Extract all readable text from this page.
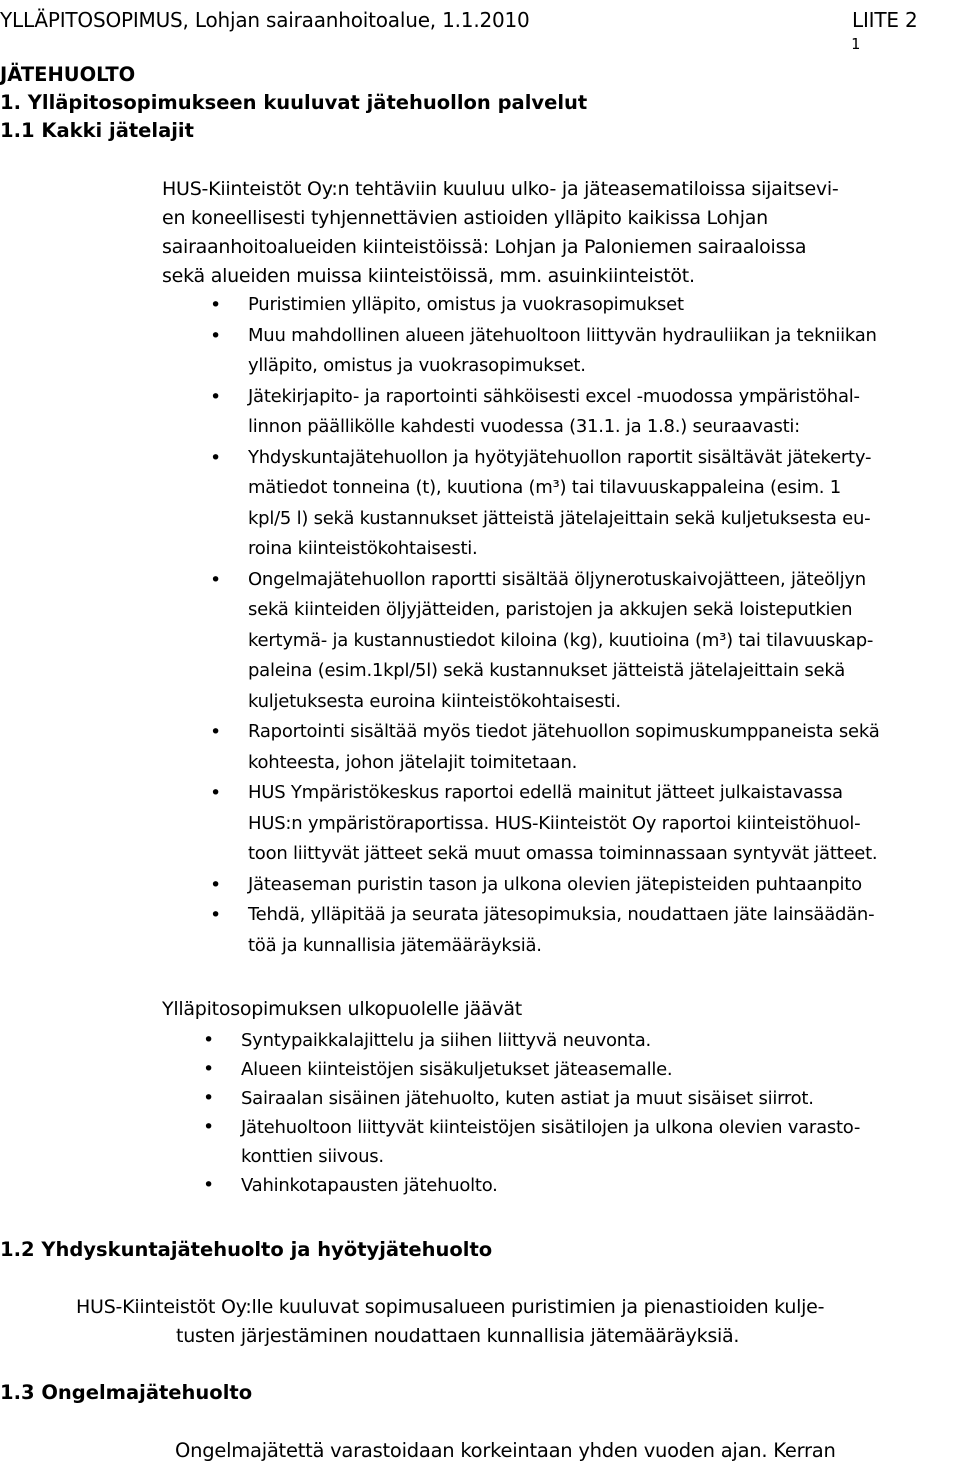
YLLÄPITOSOPIMUS, Lohjan sairaanhoitoalue, 1.1.2010	LIITE 2
1
JÄTEHUOLTO
1. Ylläpitosopimukseen kuuluvat jätehuollon palvelut
1.1 Kakki jätelajit
HUS-Kiinteistöt Oy:n tehtäviin kuuluu ulko- ja jäteasematiloissa sijaitsevi-
en koneellisesti tyhjennettävien astioiden ylläpito kaikissa Lohjan
sairaanhoitoalueiden kiinteistöissä: Lohjan ja Paloniemen sairaaloissa
sekä alueiden muissa kiinteistöissä, mm. asuinkiinteistöt.
• Puristimien ylläpito, omistus ja vuokrasopimukset
• Muu mahdollinen alueen jätehuoltoon liittyvän hydrauliikan ja tekniikan
ylläpito, omistus ja vuokrasopimukset.
• Jätekirjapito- ja raportointi sähköisesti excel -muodossa ympäristöhal-
linnon päällikölle kahdesti vuodessa (31.1. ja 1.8.) seuraavasti:
• Yhdyskuntajätehuollon ja hyötyjätehuollon raportit sisältävät jätekerty-
mätiedot tonneina (t), kuutiona (m³) tai tilavuuskappaleina (esim. 1
kpl/5 l) sekä kustannukset jätteistä jätelajeittain sekä kuljetuksesta eu-
roina kiinteistökohtaisesti.
• Ongelmajätehuollon raportti sisältää öljynerotuskaivojätteen, jäteöljyn
sekä kiinteiden öljyjätteiden, paristojen ja akkujen sekä loisteputkien
kertymä- ja kustannustiedot kiloina (kg), kuutioina (m³) tai tilavuuskap-
paleina (esim.1kpl/5l) sekä kustannukset jätteistä jätelajeittain sekä
kuljetuksesta euroina kiinteistökohtaisesti.
• Raportointi sisältää myös tiedot jätehuollon sopimuskumppaneista sekä
kohteesta, johon jätelajit toimitetaan.
• HUS Ympäristökeskus raportoi edellä mainitut jätteet julkaistavassa
HUS:n ympäristöraportissa. HUS-Kiinteistöt Oy raportoi kiinteistöhuol-
toon liittyvät jätteet sekä muut omassa toiminnassaan syntyvät jätteet.
• Jäteaseman puristin tason ja ulkona olevien jätepisteiden puhtaanpito
• Tehdä, ylläpitää ja seurata jätesopimuksia, noudattaen jäte lainsäädän-
töä ja kunnallisia jätemääräyksiä.
Ylläpitosopimuksen ulkopuolelle jäävät
• Syntypaikkalajittelu ja siihen liittyvä neuvonta.
• Alueen kiinteistöjen sisäkuljetukset jäteasemalle.
• Sairaalan sisäinen jätehuolto, kuten astiat ja muut sisäiset siirrot.
• Jätehuoltoon liittyvät kiinteistöjen sisätilojen ja ulkona olevien varasto-
konttien siivous.
• Vahinkotapausten jätehuolto.
1.2 Yhdyskuntajätehuolto ja hyötyjätehuolto
HUS-Kiinteistöt Oy:lle kuuluvat sopimusalueen puristimien ja pienastioiden kulje-
tusten järjestäminen noudattaen kunnallisia jätemääräyksiä.
1.3 Ongelmajätehuolto
Ongelmajätettä varastoidaan korkeintaan yhden vuoden ajan. Kerran
